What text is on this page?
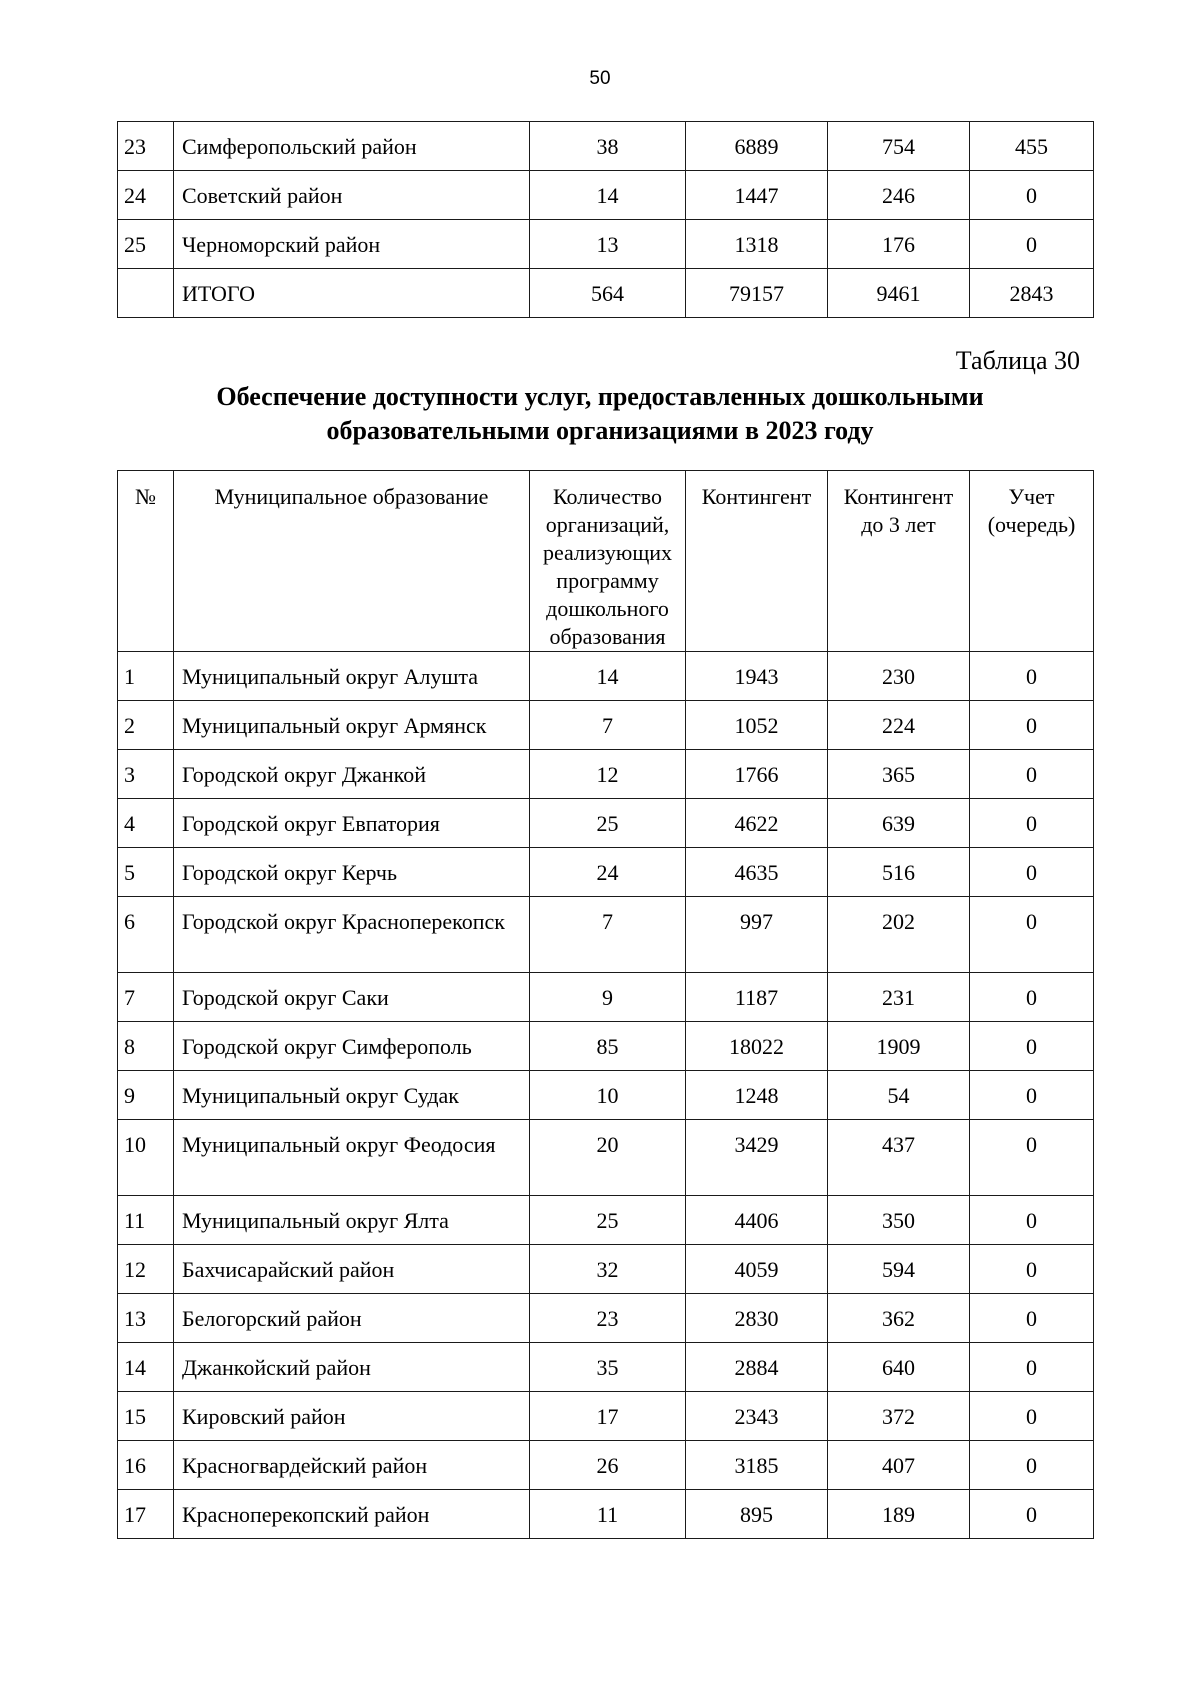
50
23	Симферопольский район	38	6889	754	455
24	Советский район	14	1447	246	0
25	Черноморский район	13	1318	176	0
	ИТОГО	564	79157	9461	2843
Таблица 30
Обеспечение доступности услуг, предоставленных дошкольными
образовательными организациями в 2023 году
№	Муниципальное образование	Количество организаций, реализующих программу дошкольного образования	Контингент	Контингент до 3 лет	Учет (очередь)
1	Муниципальный округ Алушта	14	1943	230	0
2	Муниципальный округ Армянск	7	1052	224	0
3	Городской округ Джанкой	12	1766	365	0
4	Городской округ Евпатория	25	4622	639	0
5	Городской округ Керчь	24	4635	516	0
6	Городской округ Красноперекопск	7	997	202	0
7	Городской округ Саки	9	1187	231	0
8	Городской округ Симферополь	85	18022	1909	0
9	Муниципальный округ Судак	10	1248	54	0
10	Муниципальный округ Феодосия	20	3429	437	0
11	Муниципальный округ Ялта	25	4406	350	0
12	Бахчисарайский район	32	4059	594	0
13	Белогорский район	23	2830	362	0
14	Джанкойский район	35	2884	640	0
15	Кировский район	17	2343	372	0
16	Красногвардейский район	26	3185	407	0
17	Красноперекопский район	11	895	189	0
